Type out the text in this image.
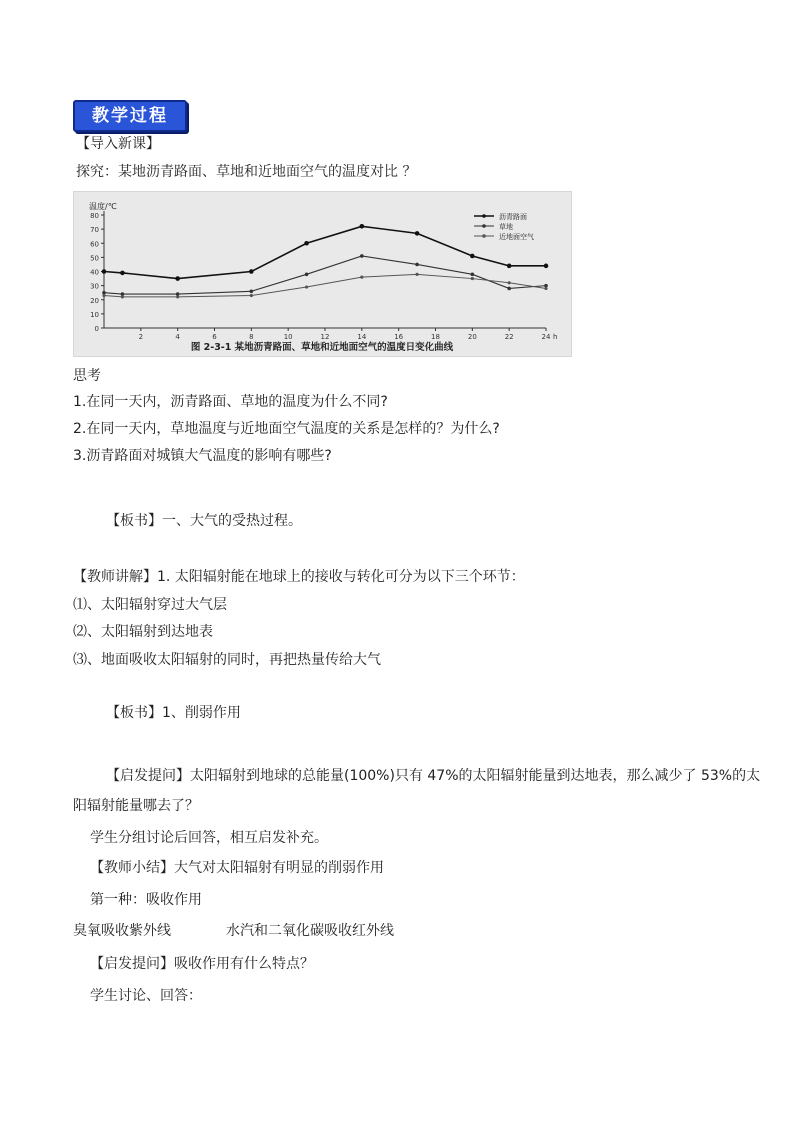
教学过程
【导入新课】
探究：某地沥青路面、草地和近地面空气的温度对比 ？
0
10
20
30
40
50
60
70
80
2	4	6	8	10	12	14	16	18	20	22	24 h
温度/℃
沥青路面
草地
近地面空气
图 2-3-1 某地沥青路面、草地和近地面空气的温度日变化曲线
思考
1.在同一天内，沥青路面、草地的温度为什么不同?
2.在同一天内，草地温度与近地面空气温度的关系是怎样的？为什么?
3.沥青路面对城镇大气温度的影响有哪些?
【板书】一、大气的受热过程。
【教师讲解】1. 太阳辐射能在地球上的接收与转化可分为以下三个环节：
⑴、太阳辐射穿过大气层
⑵、太阳辐射到达地表
⑶、地面吸收太阳辐射的同时，再把热量传给大气
【板书】1、削弱作用
【启发提问】太阳辐射到地球的总能量(100%)只有 47%的太阳辐射能量到达地表，那么减少了 53%的太
阳辐射能量哪去了？
学生分组讨论后回答，相互启发补充。
【教师小结】大气对太阳辐射有明显的削弱作用
第一种：吸收作用
臭氧吸收紫外线	水汽和二氧化碳吸收红外线
【启发提问】吸收作用有什么特点？
学生讨论、回答：
